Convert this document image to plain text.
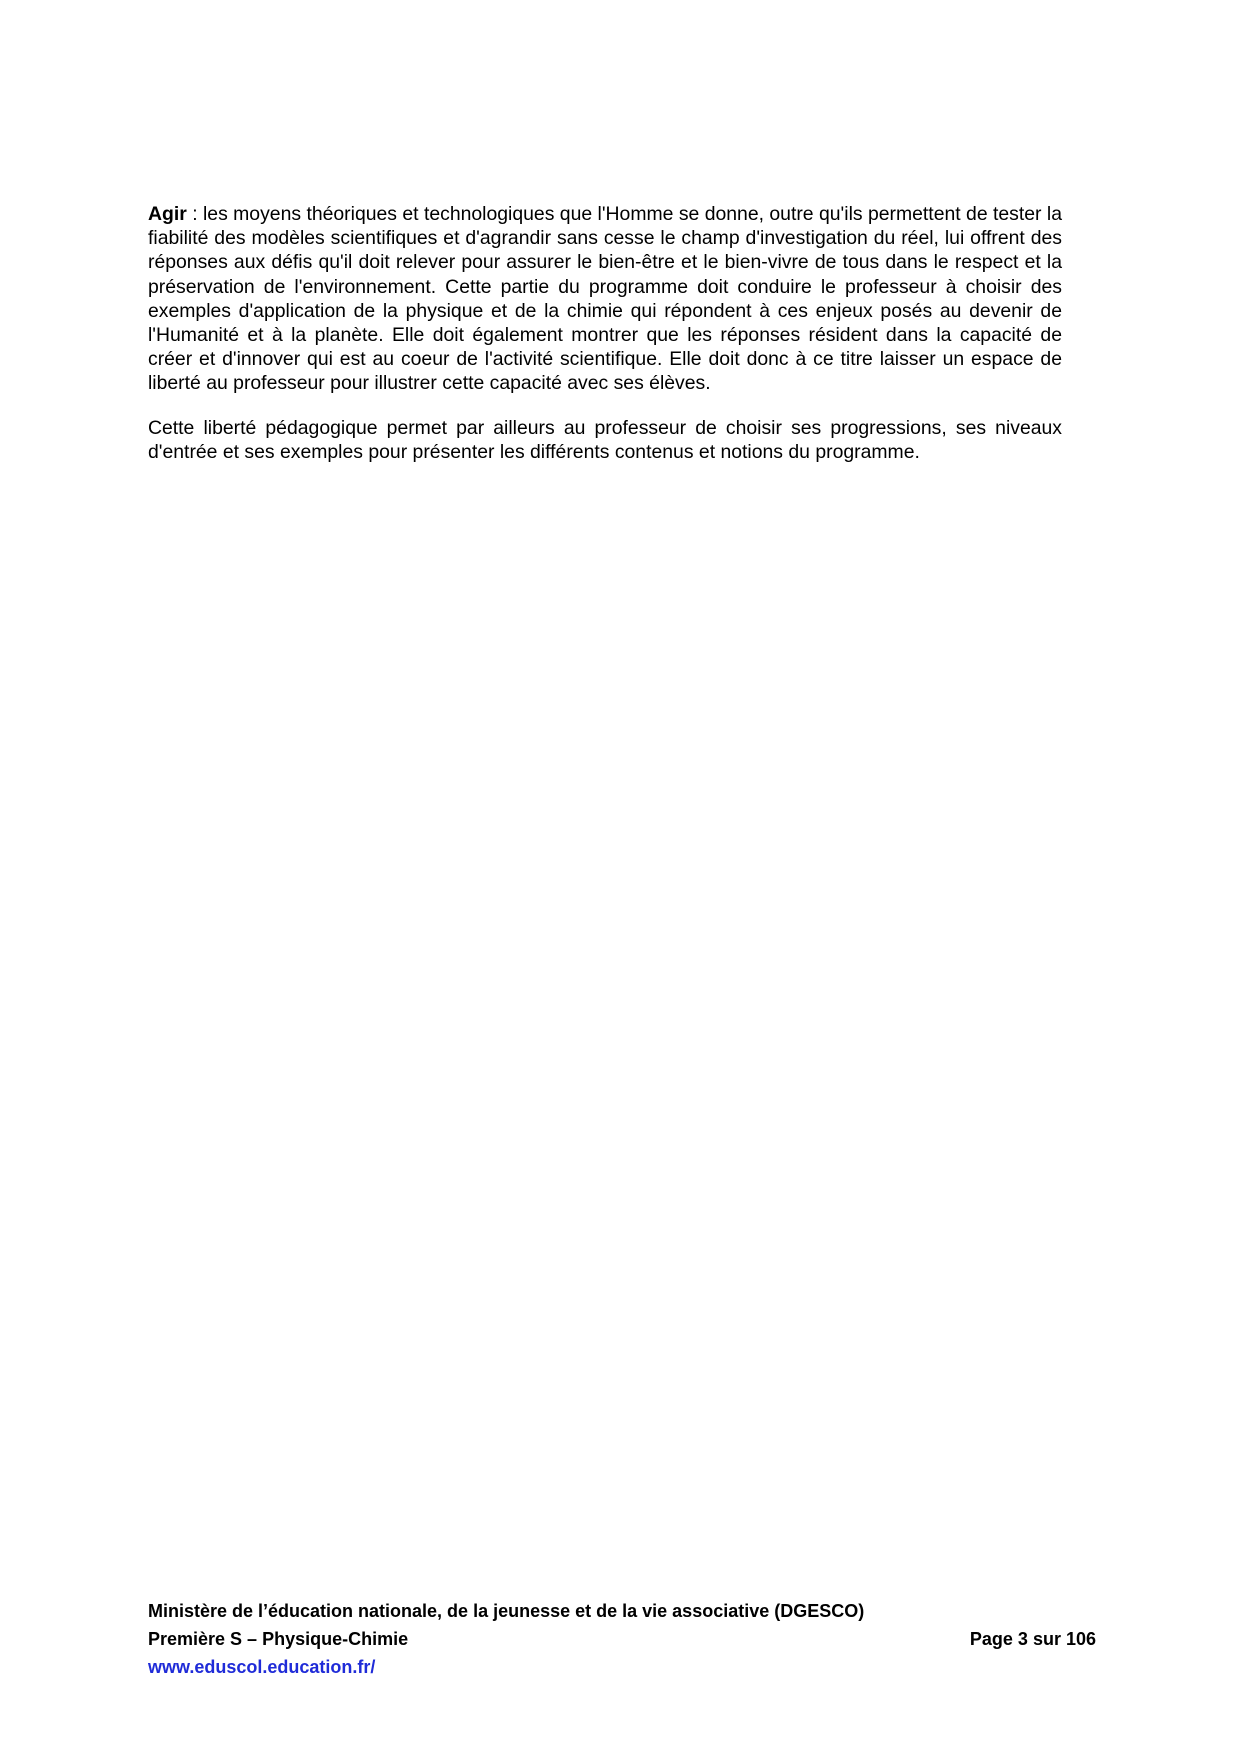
Agir : les moyens théoriques et technologiques que l'Homme se donne, outre qu'ils permettent de tester la fiabilité des modèles scientifiques et d'agrandir sans cesse le champ d'investigation du réel, lui offrent des réponses aux défis qu'il doit relever pour assurer le bien-être et le bien-vivre de tous dans le respect et la préservation de l'environnement. Cette partie du programme doit conduire le professeur à choisir des exemples d'application de la physique et de la chimie qui répondent à ces enjeux posés au devenir de l'Humanité et à la planète. Elle doit également montrer que les réponses résident dans la capacité de créer et d'innover qui est au coeur de l'activité scientifique. Elle doit donc à ce titre laisser un espace de liberté au professeur pour illustrer cette capacité avec ses élèves.

Cette liberté pédagogique permet par ailleurs au professeur de choisir ses progressions, ses niveaux d'entrée et ses exemples pour présenter les différents contenus et notions du programme.

Ministère de l’éducation nationale, de la jeunesse et de la vie associative (DGESCO)
Première S – Physique-Chimie	Page 3 sur 106
www.eduscol.education.fr/
